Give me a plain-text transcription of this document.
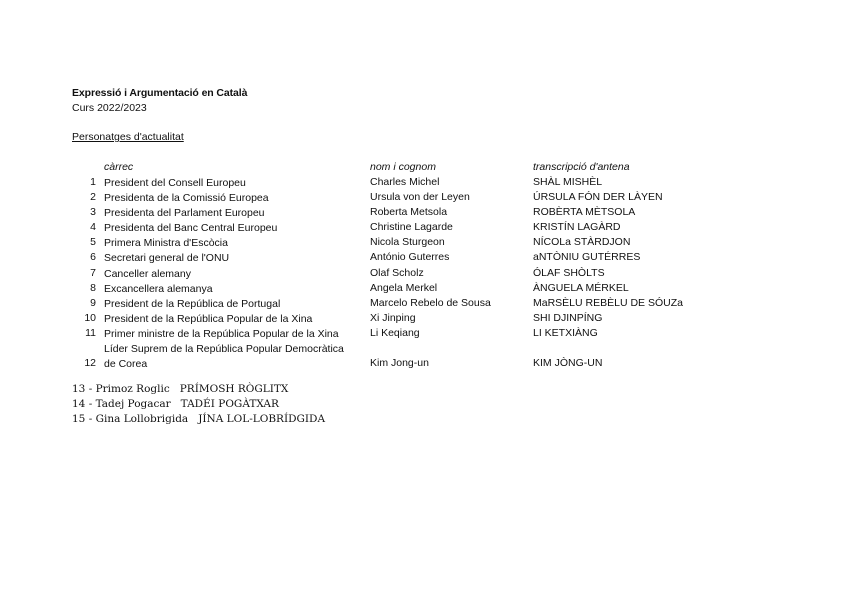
Expressió i Argumentació en Català
Curs 2022/2023
Personatges d'actualitat
càrrec	nom i cognom	transcripció d'antena
1 President del Consell Europeu	Charles Michel	SHÀL MISHÈL
2 Presidenta de la Comissió Europea	Ursula von der Leyen	ÚRSULA FÓN DER LÀYEN
3 Presidenta del Parlament Europeu	Roberta Metsola	ROBÈRTA MÈTSOLA
4 Presidenta del Banc Central Europeu	Christine Lagarde	KRISTÍN LAGÀRD
5 Primera Ministra d'Escòcia	Nicola Sturgeon	NÍCOLa STÀRDJON
6 Secretari general de l'ONU	António Guterres	aNTÒNIU GUTÉRRES
7 Canceller alemany	Olaf Scholz	ÓLAF SHÒLTS
8 Excancellera alemanya	Angela Merkel	ÀNGUELA MÉRKEL
9 President de la República de Portugal	Marcelo Rebelo de Sousa	MaRSÈLU REBÈLU DE SÓUZa
10 President de la República Popular de la Xina	Xi Jinping	SHI DJINPÍNG
11 Primer ministre de la República Popular de la Xina	Li Keqiang	LI KETXIÀNG
12
Líder Suprem de la República Popular Democràtica
de Corea	Kim Jong-un	KIM JÒNG-UN
13 - Primoz Roglic PRÍMOSH RÒGLITX
14 - Tadej Pogacar TADÉI POGÀTXAR
15 - Gina Lollobrigida JÍNA LOL-LOBRÍDGIDA
